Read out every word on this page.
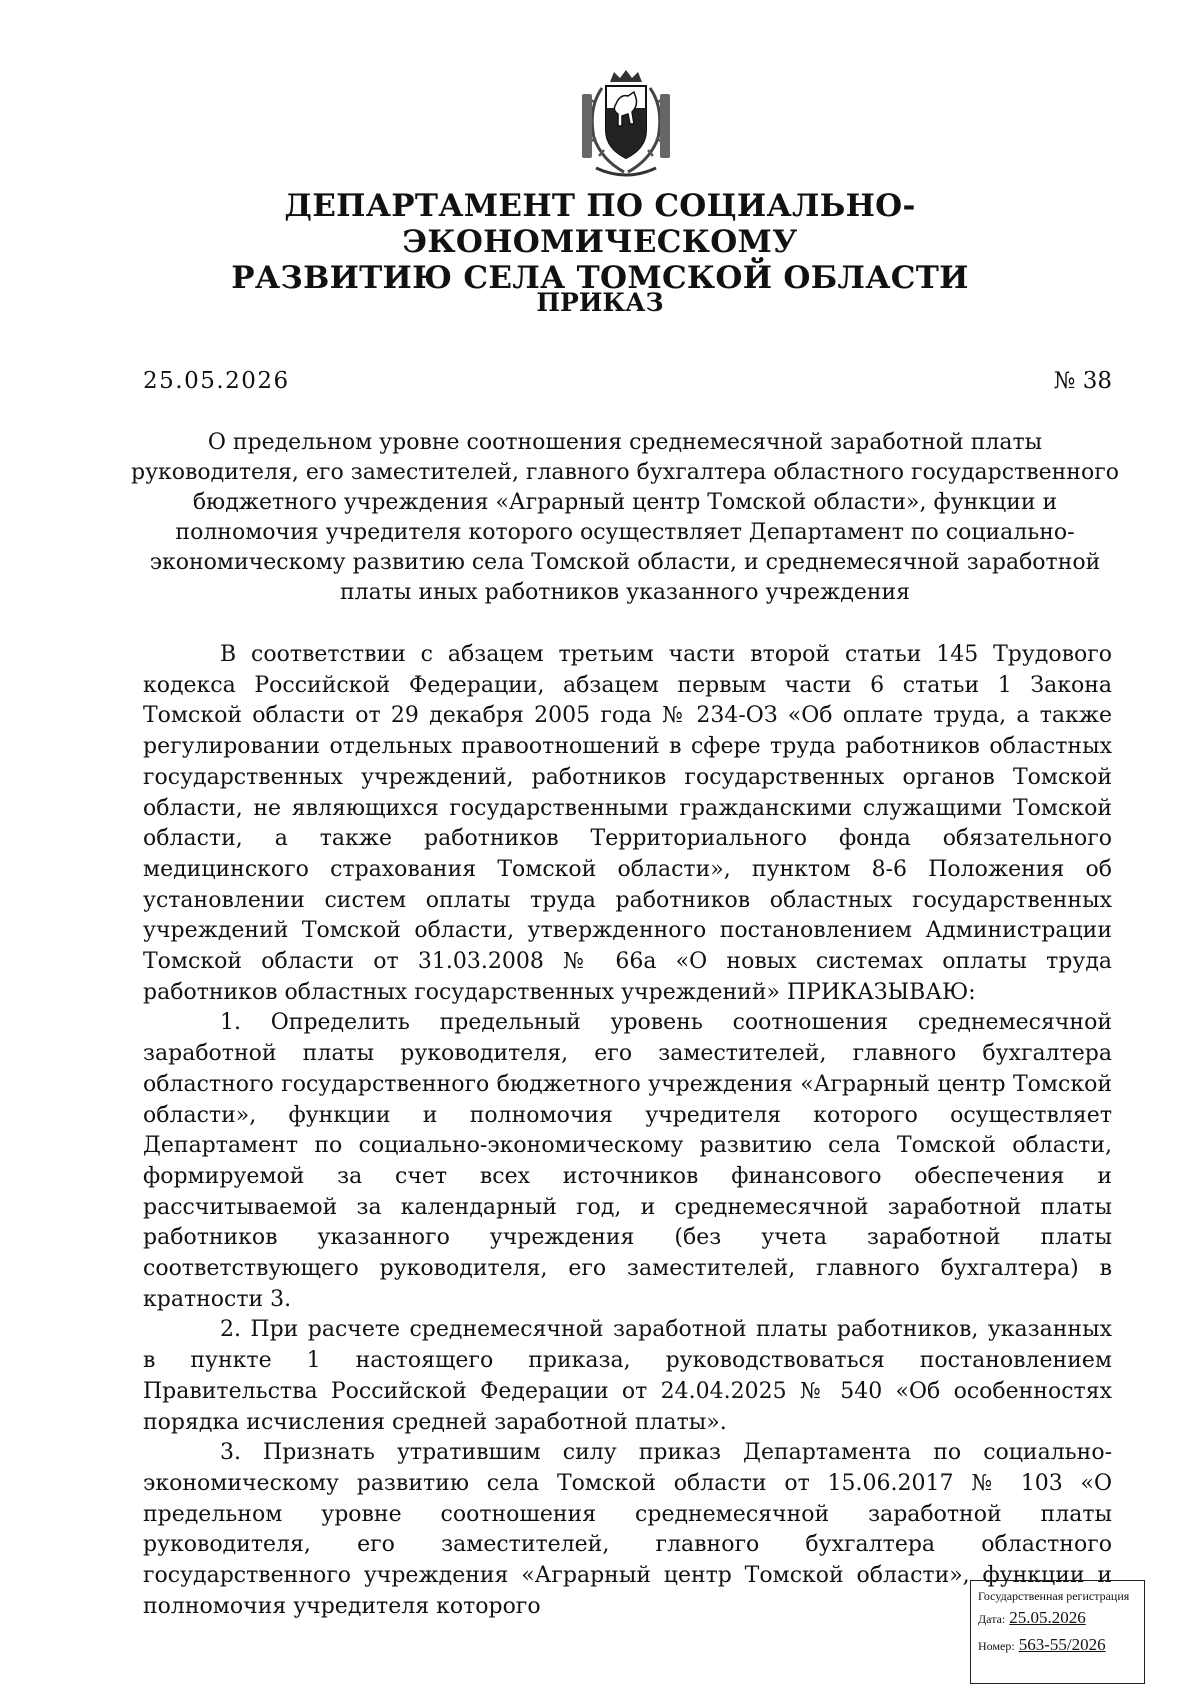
ДЕПАРТАМЕНТ ПО СОЦИАЛЬНО-ЭКОНОМИЧЕСКОМУ
РАЗВИТИЮ СЕЛА ТОМСКОЙ ОБЛАСТИ
ПРИКАЗ
25.05.2026	№ 38

О предельном уровне соотношения среднемесячной заработной платы руководителя, его заместителей, главного бухгалтера областного государственного бюджетного учреждения «Аграрный центр Томской области», функции и полномочия учредителя которого осуществляет Департамент по социально-экономическому развитию села Томской области, и среднемесячной заработной платы иных работников указанного учреждения

В соответствии с абзацем третьим части второй статьи 145 Трудового кодекса Российской Федерации, абзацем первым части 6 статьи 1 Закона Томской области от 29 декабря 2005 года № 234-ОЗ «Об оплате труда, а также регулировании отдельных правоотношений в сфере труда работников областных государственных учреждений, работников государственных органов Томской области, не являющихся государственными гражданскими служащими Томской области, а также работников Территориального фонда обязательного медицинского страхования Томской области», пунктом 8-6 Положения об установлении систем оплаты труда работников областных государственных учреждений Томской области, утвержденного постановлением Администрации Томской области от 31.03.2008 № 66а «О новых системах оплаты труда работников областных государственных учреждений» ПРИКАЗЫВАЮ:

1. Определить предельный уровень соотношения среднемесячной заработной платы руководителя, его заместителей, главного бухгалтера областного государственного бюджетного учреждения «Аграрный центр Томской области», функции и полномочия учредителя которого осуществляет Департамент по социально-экономическому развитию села Томской области, формируемой за счет всех источников финансового обеспечения и рассчитываемой за календарный год, и среднемесячной заработной платы работников указанного учреждения (без учета заработной платы соответствующего руководителя, его заместителей, главного бухгалтера) в кратности 3.

2. При расчете среднемесячной заработной платы работников, указанных в пункте 1 настоящего приказа, руководствоваться постановлением Правительства Российской Федерации от 24.04.2025 № 540 «Об особенностях порядка исчисления средней заработной платы».

3. Признать утратившим силу приказ Департамента по социально-экономическому развитию села Томской области от 15.06.2017 № 103 «О предельном уровне соотношения среднемесячной заработной платы руководителя, его заместителей, главного бухгалтера областного государственного учреждения «Аграрный центр Томской области», функции и полномочия учредителя которого	Государственная регистрация
Дата: 25.05.2026
Номер: 563-55/2026
